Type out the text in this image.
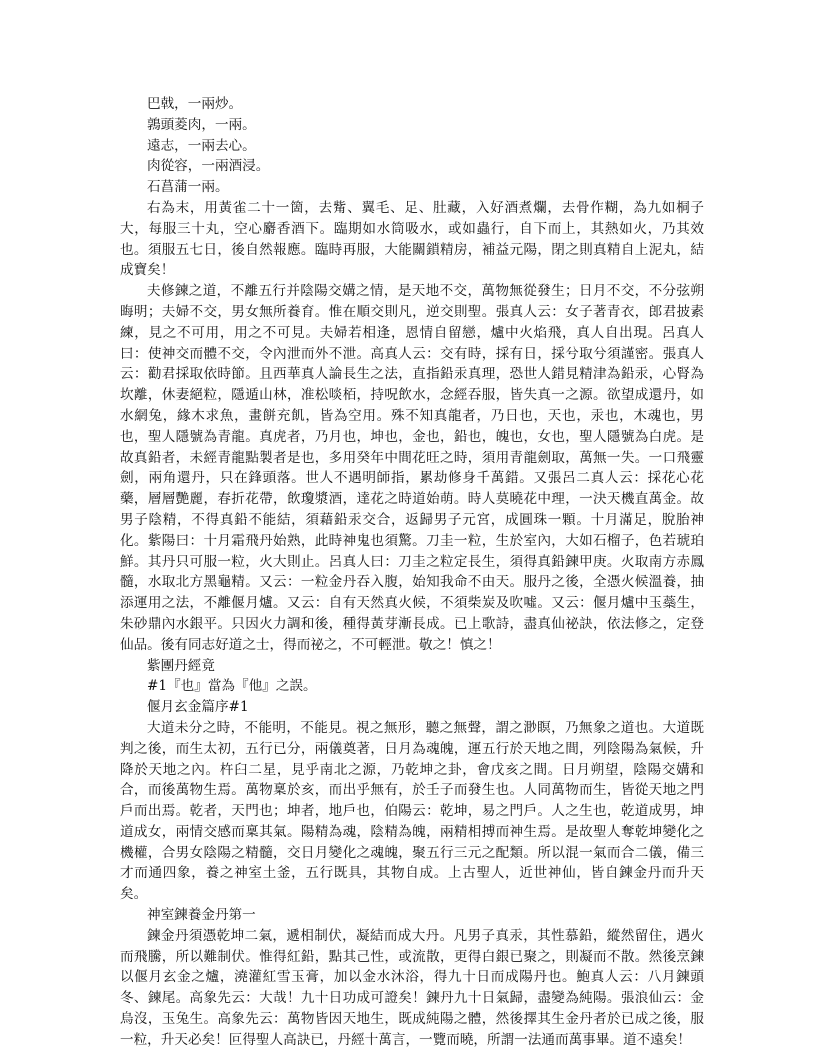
巴戟，一兩炒。

鶉頭菱肉，一兩。

遠志，一兩去心。

肉從容，一兩酒浸。

石菖蒲一兩。

右為末，用黃雀二十一箇，去觜、翼毛、足、肚藏，入好酒煮爛，去骨作糊，為九如桐子大，每服三十丸，空心麝香酒下。臨期如水筒吸水，或如蟲行，自下而上，其熱如火，乃其效也。須服五七日，後自然報應。臨時再服，大能關鎖精房，補益元陽，閉之則真精自上泥丸，結成寶矣！

夫修鍊之道，不離五行并陰陽交媾之情，是天地不交，萬物無從發生；日月不交，不分弦朔晦明；夫婦不交，男女無所養育。惟在順交則凡，逆交則聖。張真人云：女子著青衣，郎君披素練，見之不可用，用之不可見。夫婦若相逢，恩情自留戀，爐中火焰飛，真人自出現。呂真人曰：使神交而體不交，令內泄而外不泄。高真人云：交有時，採有日，採兮取兮須謹密。張真人云：勸君採取依時節。且西華真人論長生之法，直指鉛汞真理，恐世人錯見精津為鉛汞，心腎為坎離，休妻絕粒，隱遁山林，准松啖栢，持呪飲水，念經吞服，皆失真一之源。欲望成還丹，如水網兔，緣木求魚，畫餅充飢，皆為空用。殊不知真龍者，乃日也，天也，汞也，木魂也，男也，聖人隱號為青龍。真虎者，乃月也，坤也，金也，鉛也，魄也，女也，聖人隱號為白虎。是故真鉛者，未經青龍點製者是也，多用癸年中間花旺之時，須用青龍劍取，萬無一失。一口飛靈劍，兩角還丹，只在鋒頭落。世人不遇明師指，累劫修身千萬錯。又張呂二真人云：採花心花藥，層層艷麗，春折花帶，飲瓊漿酒，達花之時道始萌。時人莫曉花中理，一決天機直萬金。故男子陰精，不得真鉛不能結，須藉鉛汞交合，返歸男子元宮，成圓珠一顆。十月滿足，脫胎神化。紫陽曰：十月霜飛丹始熟，此時神鬼也須驚。刀圭一粒，生於室內，大如石榴子，色若琥珀鮮。其丹只可服一粒，火大則止。呂真人曰：刀圭之粒定長生，須得真鉛鍊甲庚。火取南方赤鳳髓，水取北方黑龜精。又云：一粒金丹吞入腹，始知我命不由天。服丹之後，全憑火候溫養，抽添運用之法，不離偃月爐。又云：自有天然真火候，不須柴炭及吹噓。又云：偃月爐中玉蘂生，朱砂鼎內水銀平。只因火力調和後，種得黃芽漸長成。已上歌詩，盡真仙祕訣，依法修之，定登仙品。後有同志好道之士，得而祕之，不可輕泄。敬之！慎之！

紫團丹經竟

#1『也』當為『他』之誤。

偃月玄金篇序#1

大道未分之時，不能明，不能見。視之無形，聽之無聲，謂之渺瞑，乃無象之道也。大道既判之後，而生太初，五行已分，兩儀奠著，日月為魂魄，運五行於天地之間，列陰陽為氣候，升降於天地之內。杵臼二星，見乎南北之源，乃乾坤之卦，會戊亥之間。日月朔望，陰陽交媾和合，而後萬物生焉。萬物稟於亥，而出乎無有，於壬子而發生也。人同萬物而生，皆從天地之門戶而出焉。乾者，天門也；坤者，地戶也，伯陽云：乾坤，易之門戶。人之生也，乾道成男，坤道成女，兩情交感而稟其氣。陽精為魂，陰精為魄，兩精相搏而神生焉。是故聖人奪乾坤變化之機權，合男女陰陽之精髓，交日月變化之魂魄，聚五行三元之配類。所以混一氣而合二儀，備三才而通四象，養之神室土釜，五行既具，其物自成。上古聖人，近世神仙，皆自鍊金丹而升天矣。

神室鍊養金丹第一

鍊金丹須憑乾坤二氣，遞相制伏，凝結而成大丹。凡男子真汞，其性慕鉛，縱然留住，遇火而飛騰，所以難制伏。惟得紅鉛，點其己性，或流散，更得白銀已聚之，則凝而不散。然後烹鍊以偃月玄金之爐，澆灌紅雪玉膏，加以金水沐浴，得九十日而成陽丹也。鮑真人云：八月鍊頭冬、鍊尾。高象先云：大哉！九十日功成可證矣！鍊丹九十日氣歸，盡變為純陽。張浪仙云：金烏沒，玉兔生。高象先云：萬物皆因天地生，既成純陽之體，然後擇其生金丹者於已成之後，服一粒，升天必矣！叵得聖人高訣已，丹經十萬言，一覽而曉，所謂一法通而萬事畢。道不遠矣！
